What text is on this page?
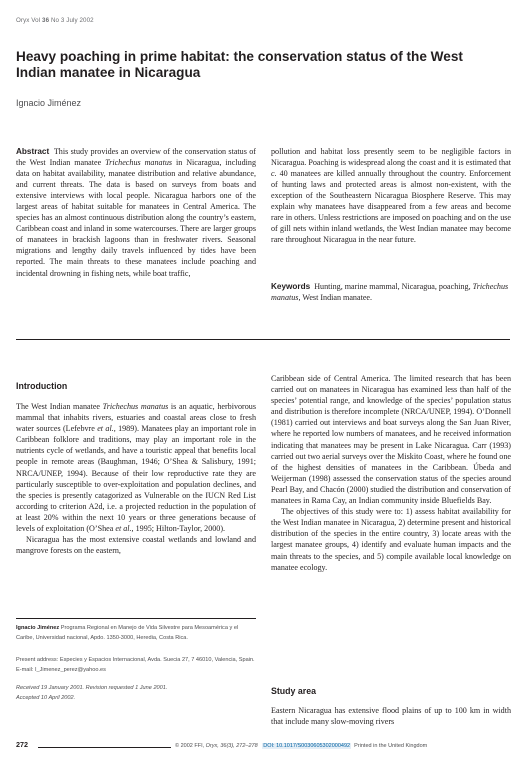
Oryx Vol 36 No 3 July 2002
Heavy poaching in prime habitat: the conservation status of the West Indian manatee in Nicaragua
Ignacio Jiménez

Abstract This study provides an overview of the conservation status of the West Indian manatee Trichechus manatus in Nicaragua, including data on habitat availability, manatee distribution and relative abundance, and current threats. The data is based on surveys from boats and extensive interviews with local people. Nicaragua harbors one of the largest areas of habitat suitable for manatees in Central America. The species has an almost continuous distribution along the country’s eastern, Caribbean coast and inland in some watercourses. There are larger groups of manatees in brackish lagoons than in freshwater rivers. Seasonal migrations and lengthy daily travels influenced by tides have been reported. The main threats to these manatees include poaching and incidental drowning in fishing nets, while boat traffic,

pollution and habitat loss presently seem to be negligible factors in Nicaragua. Poaching is widespread along the coast and it is estimated that c. 40 manatees are killed annually throughout the country. Enforcement of hunting laws and protected areas is almost non-existent, with the exception of the Southeastern Nicaragua Biosphere Reserve. This may explain why manatees have disappeared from a few areas and become rare in others. Unless restrictions are imposed on poaching and on the use of gill nets within inland wetlands, the West Indian manatee may become rare throughout Nicaragua in the near future.

Keywords Hunting, marine mammal, Nicaragua, poaching, Trichechus manatus, West Indian manatee.

Introduction

The West Indian manatee Trichechus manatus is an aquatic, herbivorous mammal that inhabits rivers, estuaries and coastal areas close to fresh water sources (Lefebvre et al., 1989). Manatees play an important role in Caribbean folklore and traditions, may play an important role in the nutrients cycle of wetlands, and have a touristic appeal that benefits local people in remote areas (Baughman, 1946; O’Shea & Salisbury, 1991; NRCA/UNEP, 1994). Because of their low reproductive rate they are particularly susceptible to over-exploitation and population declines, and the species is presently catagorized as Vulnerable on the IUCN Red List according to criterion A2d, i.e. a projected reduction in the population of at least 20% within the next 10 years or three generations because of levels of exploitation (O’Shea et al., 1995; Hilton-Taylor, 2000).

Nicaragua has the most extensive coastal wetlands and lowland and mangrove forests on the eastern,

Caribbean side of Central America. The limited research that has been carried out on manatees in Nicaragua has examined less than half of the species’ potential range, and knowledge of the species’ population status and distribution is therefore incomplete (NRCA/UNEP, 1994). O’Donnell (1981) carried out interviews and boat surveys along the San Juan River, where he reported low numbers of manatees, and he received information indicating that manatees may be present in Lake Nicaragua. Carr (1993) carried out two aerial surveys over the Miskito Coast, where he found one of the highest densities of manatees in the Caribbean. Úbeda and Weijerman (1998) assessed the conservation status of the species around Pearl Bay, and Chacón (2000) studied the distribution and conservation of manatees in Rama Cay, an Indian community inside Bluefields Bay.

The objectives of this study were to: 1) assess habitat availability for the West Indian manatee in Nicaragua, 2) determine present and historical distribution of the species in the entire country, 3) locate areas with the largest manatee groups, 4) identify and evaluate human impacts and the main threats to the species, and 5) compile available local knowledge on manatee ecology.

Study area
Eastern Nicaragua has extensive flood plains of up to 100 km in width that include many slow-moving rivers

Ignacio Jiménez Programa Regional en Manejo de Vida Silvestre para Mesoamérica y el Caribe, Universidad nacional, Apdo. 1350-3000, Heredia, Costa Rica.

Present address: Especies y Espacios Internacional, Avda. Suecia 27, 7 46010, Valencia, Spain. E-mail: I_Jimenez_perez@yahoo.es

Received 19 January 2001. Revision requested 1 June 2001.
Accepted 10 April 2002.

272	© 2002 FFI, Oryx, 36(3), 272–278 DOI: 10.1017/S0030605302000492 Printed in the United Kingdom
